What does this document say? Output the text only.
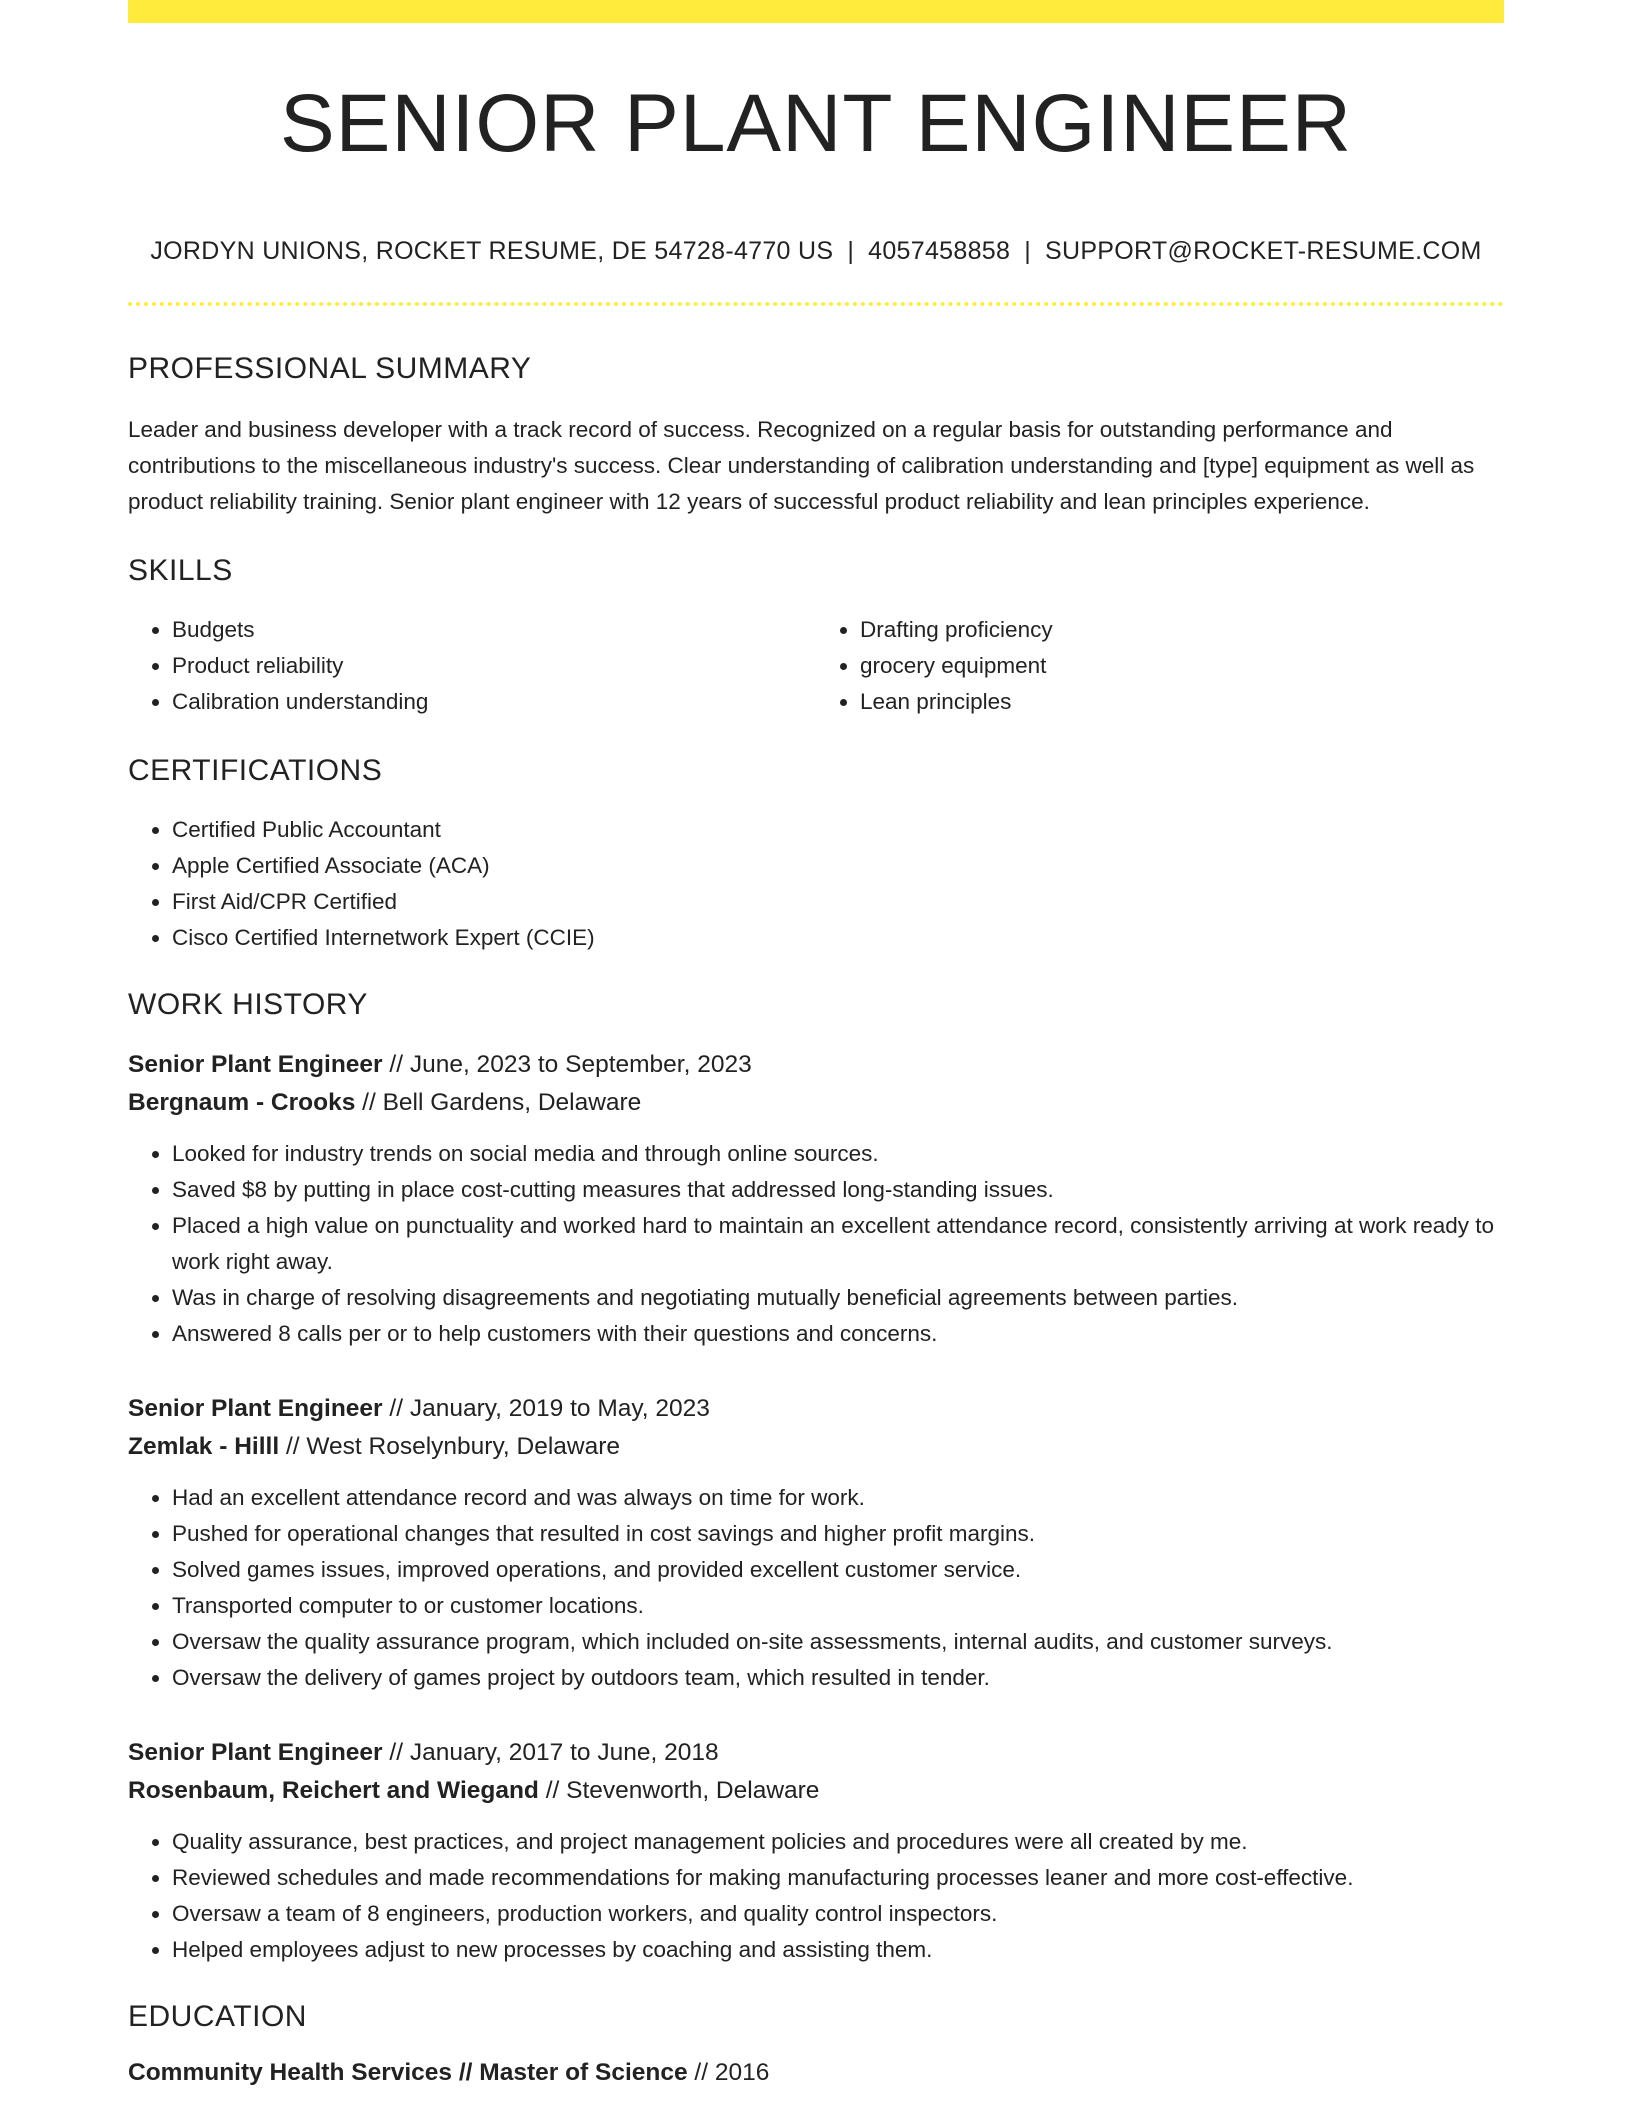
SENIOR PLANT ENGINEER
JORDYN UNIONS, ROCKET RESUME, DE 54728-4770 US | 4057458858 | SUPPORT@ROCKET-RESUME.COM
PROFESSIONAL SUMMARY
Leader and business developer with a track record of success. Recognized on a regular basis for outstanding performance and contributions to the miscellaneous industry's success. Clear understanding of calibration understanding and [type] equipment as well as product reliability training. Senior plant engineer with 12 years of successful product reliability and lean principles experience.
SKILLS
• Budgets
• Product reliability
• Calibration understanding
• Drafting proficiency
• grocery equipment
• Lean principles
CERTIFICATIONS
• Certified Public Accountant
• Apple Certified Associate (ACA)
• First Aid/CPR Certified
• Cisco Certified Internetwork Expert (CCIE)
WORK HISTORY
Senior Plant Engineer // June, 2023 to September, 2023
Bergnaum - Crooks // Bell Gardens, Delaware
• Looked for industry trends on social media and through online sources.
• Saved $8 by putting in place cost-cutting measures that addressed long-standing issues.
• Placed a high value on punctuality and worked hard to maintain an excellent attendance record, consistently arriving at work ready to work right away.
• Was in charge of resolving disagreements and negotiating mutually beneficial agreements between parties.
• Answered 8 calls per or to help customers with their questions and concerns.
Senior Plant Engineer // January, 2019 to May, 2023
Zemlak - Hilll // West Roselynbury, Delaware
• Had an excellent attendance record and was always on time for work.
• Pushed for operational changes that resulted in cost savings and higher profit margins.
• Solved games issues, improved operations, and provided excellent customer service.
• Transported computer to or customer locations.
• Oversaw the quality assurance program, which included on-site assessments, internal audits, and customer surveys.
• Oversaw the delivery of games project by outdoors team, which resulted in tender.
Senior Plant Engineer // January, 2017 to June, 2018
Rosenbaum, Reichert and Wiegand // Stevenworth, Delaware
• Quality assurance, best practices, and project management policies and procedures were all created by me.
• Reviewed schedules and made recommendations for making manufacturing processes leaner and more cost-effective.
• Oversaw a team of 8 engineers, production workers, and quality control inspectors.
• Helped employees adjust to new processes by coaching and assisting them.
EDUCATION
Community Health Services // Master of Science // 2016
